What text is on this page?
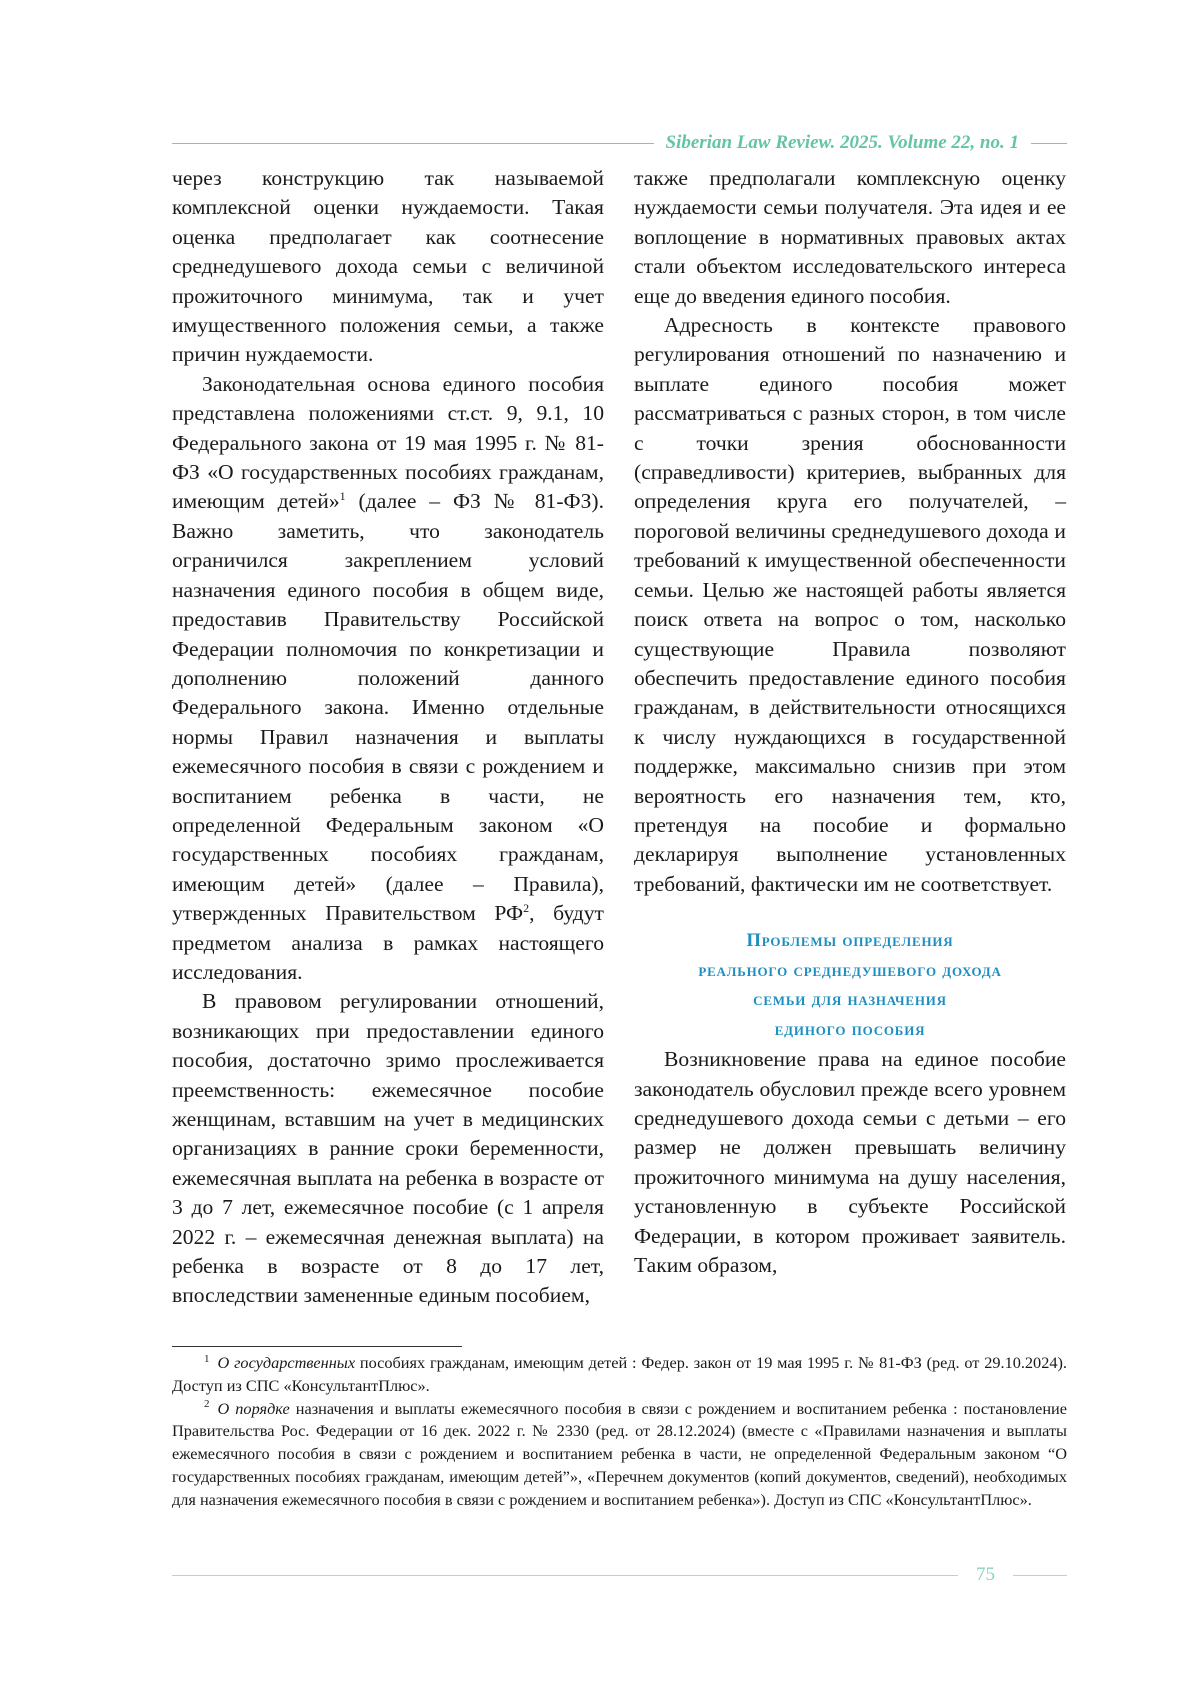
Siberian Law Review. 2025. Volume 22, no. 1

через конструкцию так называемой комплексной оценки нуждаемости. Такая оценка предполагает как соотнесение среднедушевого дохода семьи с величиной прожиточного минимума, так и учет имущественного положения семьи, а также причин нуждаемости.

Законодательная основа единого пособия представлена положениями ст.ст. 9, 9.1, 10 Федерального закона от 19 мая 1995 г. № 81-ФЗ «О государственных пособиях гражданам, имеющим детей»$^1$ (далее – ФЗ № 81-ФЗ). Важно заметить, что законодатель ограничился закреплением условий назначения единого пособия в общем виде, предоставив Правительству Российской Федерации полномочия по конкретизации и дополнению положений данного Федерального закона. Именно отдельные нормы Правил назначения и выплаты ежемесячного пособия в связи с рождением и воспитанием ребенка в части, не определенной Федеральным законом «О государственных пособиях гражданам, имеющим детей» (далее – Правила), утвержденных Правительством $РФ^2$, будут предметом анализа в рамках настоящего исследования.

В правовом регулировании отношений, возникающих при предоставлении единого пособия, достаточно зримо прослеживается преемственность: ежемесячное пособие женщинам, вставшим на учет в медицинских организациях в ранние сроки беременности, ежемесячная выплата на ребенка в возрасте от 3 до 7 лет, ежемесячное пособие (с 1 апреля 2022 г. – ежемесячная денежная выплата) на ребенка в возрасте от 8 до 17 лет, впоследствии замененные единым пособием,

также предполагали комплексную оценку нуждаемости семьи получателя. Эта идея и ее воплощение в нормативных правовых актах стали объектом исследовательского интереса еще до введения единого пособия.

Адресность в контексте правового регулирования отношений по назначению и выплате единого пособия может рассматриваться с разных сторон, в том числе с точки зрения обоснованности (справедливости) критериев, выбранных для определения круга его получателей, – пороговой величины среднедушевого дохода и требований к имущественной обеспеченности семьи. Целью же настоящей работы является поиск ответа на вопрос о том, насколько существующие Правила позволяют обеспечить предоставление единого пособия гражданам, в действительности относящихся к числу нуждающихся в государственной поддержке, максимально снизив при этом вероятность его назначения тем, кто, претендуя на пособие и формально декларируя выполнение установленных требований, фактически им не соответствует.

Проблемы определения
реального среднедушевого дохода
семьи для назначения
единого пособия

Возникновение права на единое пособие законодатель обусловил прежде всего уровнем среднедушевого дохода семьи с детьми – его размер не должен превышать величину прожиточного минимума на душу населения, установленную в субъекте Российской Федерации, в котором проживает заявитель. Таким образом,

$^1$ О государственных пособиях гражданам, имеющим детей : Федер. закон от 19 мая 1995 г. № 81-ФЗ (ред. от 29.10.2024). Доступ из СПС «КонсультантПлюс».

$^2$ О порядке назначения и выплаты ежемесячного пособия в связи с рождением и воспитанием ребенка : постановление Правительства Рос. Федерации от 16 дек. 2022 г. № 2330 (ред. от 28.12.2024) (вместе с «Правилами назначения и выплаты ежемесячного пособия в связи с рождением и воспитанием ребенка в части, не определенной Федеральным законом “О государственных пособиях гражданам, имеющим детей”», «Перечнем документов (копий документов, сведений), необходимых для назначения ежемесячного пособия в связи с рождением и воспитанием ребенка»). Доступ из СПС «КонсультантПлюс».

75
